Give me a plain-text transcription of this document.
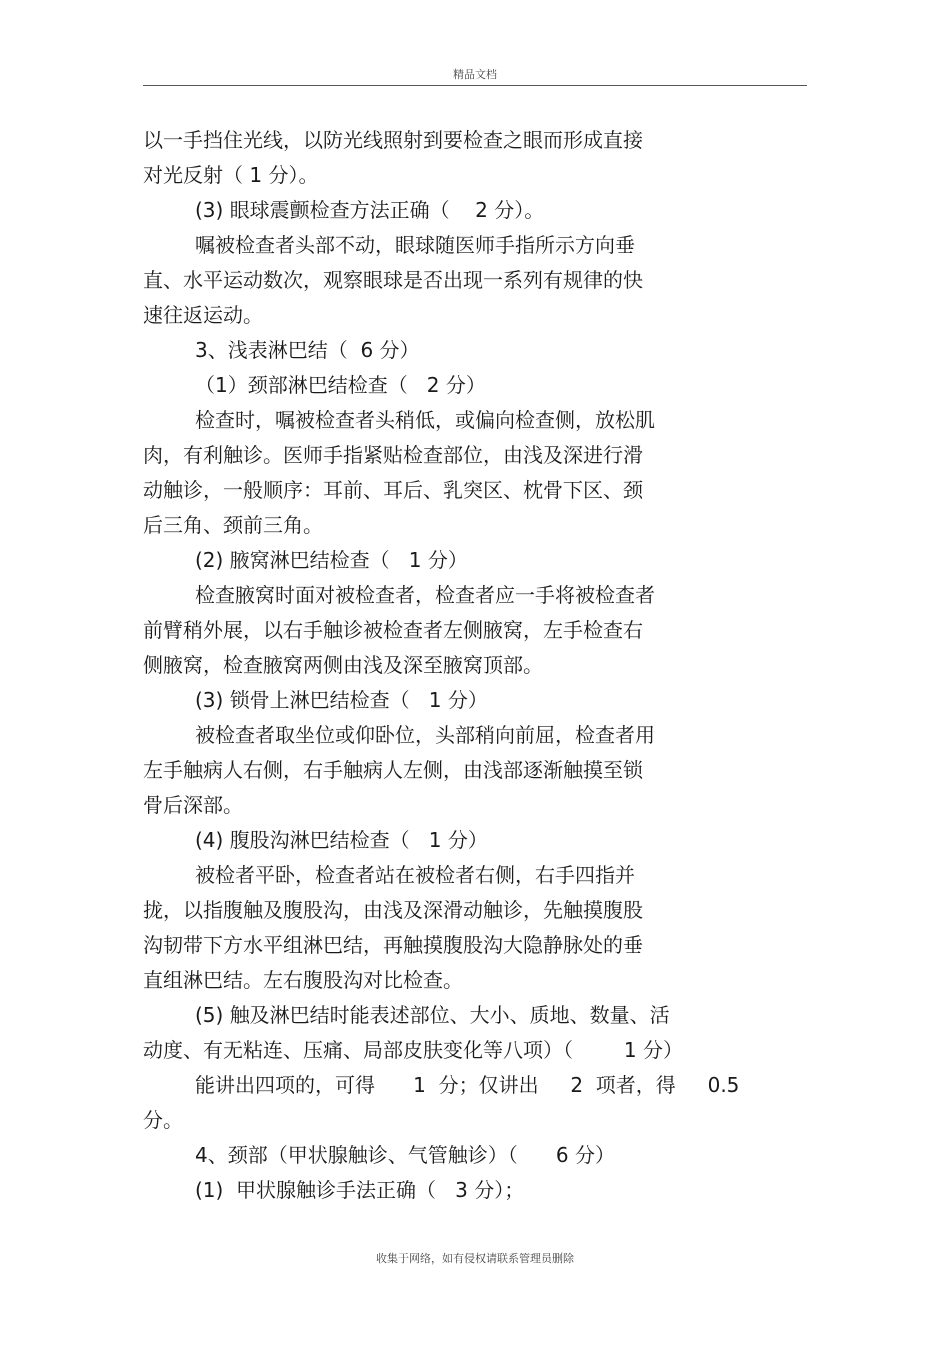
精品文档
以一手挡住光线，以防光线照射到要检查之眼而形成直接
对光反射（ 1 分）。
(3) 眼球震颤检查方法正确（    2 分）。
嘱被检查者头部不动，眼球随医师手指所示方向垂
直、水平运动数次，观察眼球是否出现一系列有规律的快
速往返运动。
3、浅表淋巴结（  6 分）
（1）颈部淋巴结检查（   2 分）
检查时，嘱被检查者头稍低，或偏向检查侧，放松肌
肉，有利触诊。医师手指紧贴检查部位，由浅及深进行滑
动触诊，一般顺序：耳前、耳后、乳突区、枕骨下区、颈
后三角、颈前三角。
(2) 腋窝淋巴结检查（   1 分）
检查腋窝时面对被检查者，检查者应一手将被检查者
前臂稍外展，以右手触诊被检查者左侧腋窝，左手检查右
侧腋窝，检查腋窝两侧由浅及深至腋窝顶部。
(3) 锁骨上淋巴结检查（   1 分）
被检查者取坐位或仰卧位，头部稍向前屈，检查者用
左手触病人右侧，右手触病人左侧，由浅部逐渐触摸至锁
骨后深部。
(4) 腹股沟淋巴结检查（   1 分）
被检者平卧，检查者站在被检者右侧，右手四指并
拢，以指腹触及腹股沟，由浅及深滑动触诊，先触摸腹股
沟韧带下方水平组淋巴结，再触摸腹股沟大隐静脉处的垂
直组淋巴结。左右腹股沟对比检查。
(5) 触及淋巴结时能表述部位、大小、质地、数量、活
动度、有无粘连、压痛、局部皮肤变化等八项）（        1 分）
能讲出四项的，可得      1  分；仅讲出     2  项者，得     0.5
分。
4、颈部（甲状腺触诊、气管触诊）（      6 分）
(1)  甲状腺触诊手法正确（   3 分）；
收集于网络，如有侵权请联系管理员删除
